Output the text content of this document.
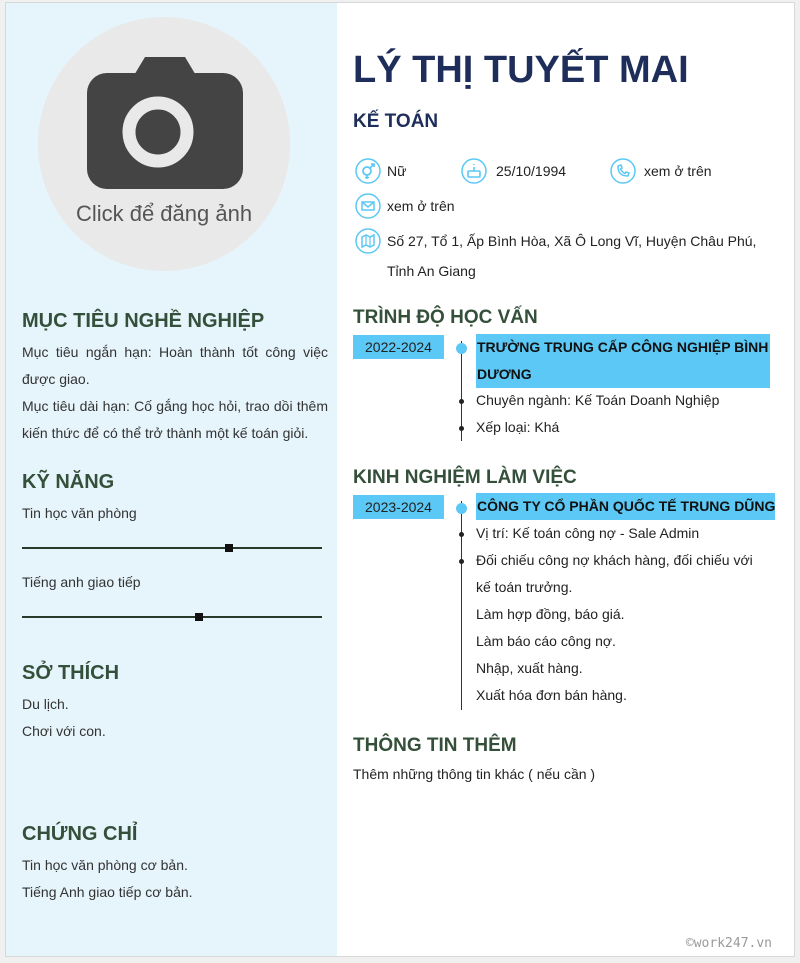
Click để đăng ảnh
MỤC TIÊU NGHỀ NGHIỆP
Mục tiêu ngắn hạn: Hoàn thành tốt công việc được giao.
Mục tiêu dài hạn: Cố gắng học hỏi, trao dồi thêm kiến thức để có thể trở thành một kế toán giỏi.
KỸ NĂNG
Tin học văn phòng
Tiếng anh giao tiếp
SỞ THÍCH
Du lịch.
Chơi với con.
CHỨNG CHỈ
Tin học văn phòng cơ bản.
Tiếng Anh giao tiếp cơ bản.
LÝ THỊ TUYẾT MAI
KẾ TOÁN
Nữ	25/10/1994	xem ở trên
xem ở trên
Số 27, Tổ 1, Ấp Bình Hòa, Xã Ô Long Vĩ, Huyện Châu Phú,
Tỉnh An Giang
TRÌNH ĐỘ HỌC VẤN
2022-2024	TRƯỜNG TRUNG CẤP CÔNG NGHIỆP BÌNH
DƯƠNG
Chuyên ngành: Kế Toán Doanh Nghiệp
Xếp loại: Khá
KINH NGHIỆM LÀM VIỆC
2023-2024	CÔNG TY CỔ PHẦN QUỐC TẾ TRUNG DŨNG
Vị trí: Kế toán công nợ - Sale Admin
Đối chiếu công nợ khách hàng, đối chiếu với
kế toán trưởng.
Làm hợp đồng, báo giá.
Làm báo cáo công nợ.
Nhập, xuất hàng.
Xuất hóa đơn bán hàng.
THÔNG TIN THÊM
Thêm những thông tin khác ( nếu cần )
©work247.vn
